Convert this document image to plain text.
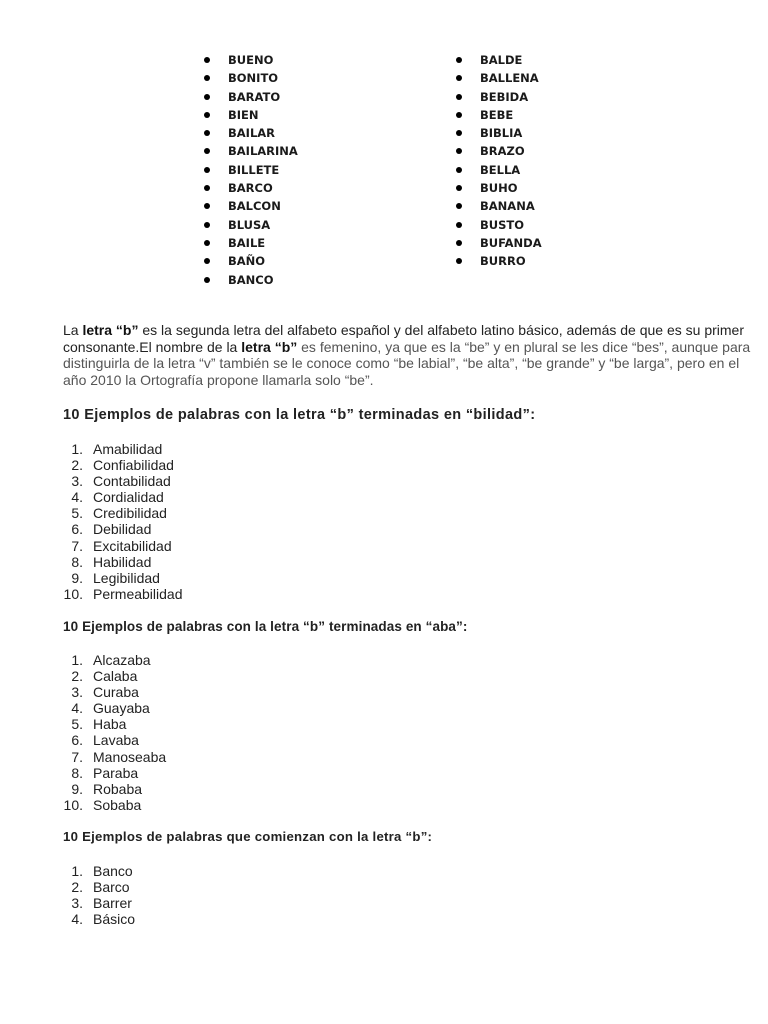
BUENO
BONITO
BARATO
BIEN
BAILAR
BAILARINA
BILLETE
BARCO
BALCON
BLUSA
BAILE
BAÑO
BANCO
BALDE
BALLENA
BEBIDA
BEBE
BIBLIA
BRAZO
BELLA
BUHO
BANANA
BUSTO
BUFANDA
BURRO

La letra “b” es la segunda letra del alfabeto español y del alfabeto latino básico, además de que es su primer consonante.El nombre de la letra “b” es femenino, ya que es la “be” y en plural se les dice “bes”, aunque para distinguirla de la letra “v” también se le conoce como “be labial”, “be alta”, “be grande” y “be larga”, pero en el año 2010 la Ortografía propone llamarla solo “be”.

10 Ejemplos de palabras con la letra “b” terminadas en “bilidad”:
1. Amabilidad
2. Confiabilidad
3. Contabilidad
4. Cordialidad
5. Credibilidad
6. Debilidad
7. Excitabilidad
8. Habilidad
9. Legibilidad
10. Permeabilidad
10 Ejemplos de palabras con la letra “b” terminadas en “aba”:
1. Alcazaba
2. Calaba
3. Curaba
4. Guayaba
5. Haba
6. Lavaba
7. Manoseaba
8. Paraba
9. Robaba
10. Sobaba
10 Ejemplos de palabras que comienzan con la letra “b”:
1. Banco
2. Barco
3. Barrer
4. Básico
